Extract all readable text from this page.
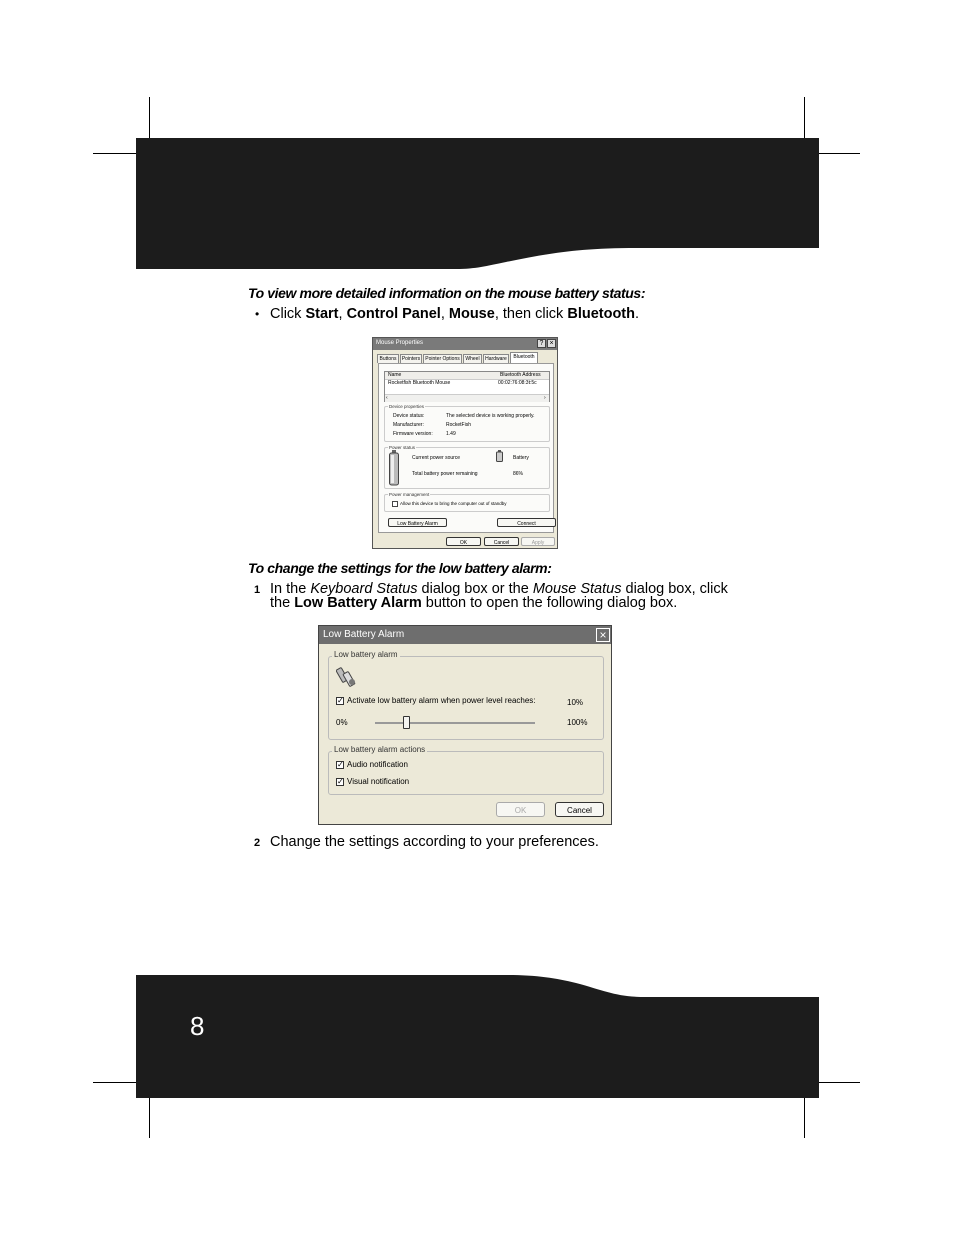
8
To view more detailed information on the mouse battery status:
• Click Start, Control Panel, Mouse, then click Bluetooth.
Mouse Properties	? ×
Buttons	Pointers	Pointer Options	Wheel	Hardware	Bluetooth
Name	Bluetooth Address
Rocketfish Bluetooth Mouse	00:02:76:08:3t:5c
‹	›
Device properties
Device status:	The selected device is working properly.
Manufacturer:	RocketFish
Firmware version:	1.49
Power status
Current power source	Battery
Total battery power remaining	86%
Power management
Allow this device to bring the computer out of standby
Low Battery Alarm	Connect
OK	Cancel	Apply
To change the settings for the low battery alarm:
1 In the Keyboard Status dialog box or the Mouse Status dialog box, click
the Low Battery Alarm button to open the following dialog box.
Low Battery Alarm	×
Low battery alarm
✓ Activate low battery alarm when power level reaches:	10%
0%	100%
Low battery alarm actions
✓ Audio notification
✓ Visual notification
OK	Cancel
2 Change the settings according to your preferences.
